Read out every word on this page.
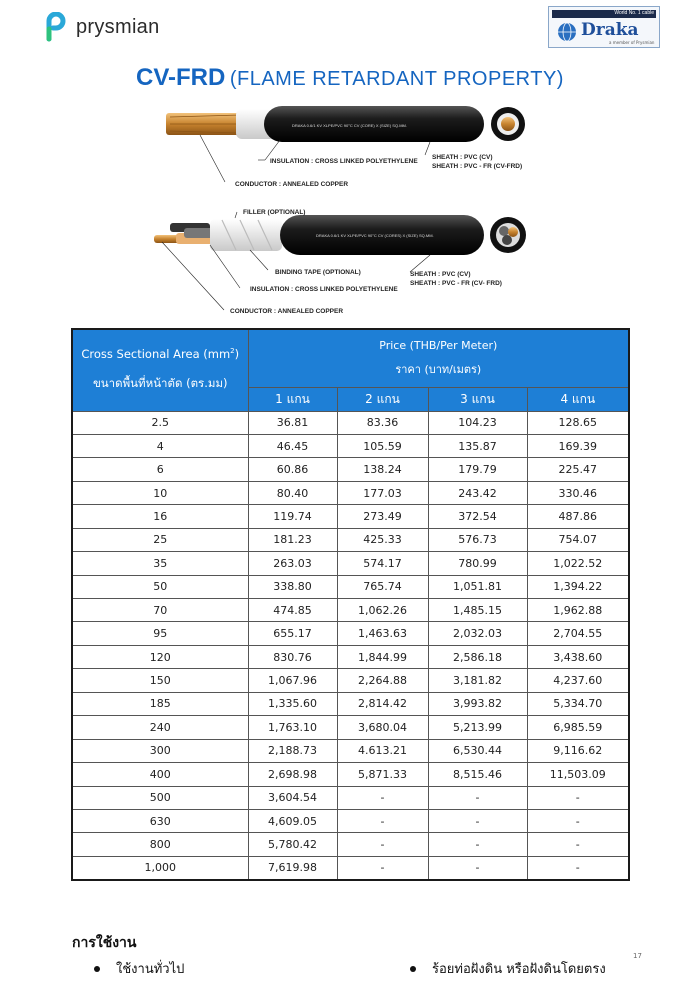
prysmian
World No. 1 cable
Draka
a member of Prysmian
CV-FRD (FLAME RETARDANT PROPERTY)
DRAKA 0.6/1 KV XLPE/PVC 90°C CV (CORE) X (SIZE) SQ.MM.
INSULATION : CROSS LINKED POLYETHYLENE
CONDUCTOR : ANNEALED COPPER
SHEATH : PVC (CV)
SHEATH : PVC - FR (CV-FRD)
DRAKA 0.6/1 KV XLPE/PVC 90°C CV (CORES) X (SIZE) SQ.MM.
FILLER (OPTIONAL)
BINDING TAPE (OPTIONAL)
INSULATION : CROSS LINKED POLYETHYLENE
CONDUCTOR : ANNEALED COPPER
SHEATH : PVC (CV)
SHEATH : PVC - FR (CV- FRD)
Cross Sectional Area $(mm^2)$
ขนาดพื้นที่หน้าตัด (ตร.มม)	Price (THB/Per Meter)
ราคา (บาท/เมตร)			
	1 แกน	2 แกน	3 แกน	4 แกน
2.5	36.81	83.36	104.23	128.65
4	46.45	105.59	135.87	169.39
6	60.86	138.24	179.79	225.47
10	80.40	177.03	243.42	330.46
16	119.74	273.49	372.54	487.86
25	181.23	425.33	576.73	754.07
35	263.03	574.17	780.99	1,022.52
50	338.80	765.74	1,051.81	1,394.22
70	474.85	1,062.26	1,485.15	1,962.88
95	655.17	1,463.63	2,032.03	2,704.55
120	830.76	1,844.99	2,586.18	3,438.60
150	1,067.96	2,264.88	3,181.82	4,237.60
185	1,335.60	2,814.42	3,993.82	5,334.70
240	1,763.10	3,680.04	5,213.99	6,985.59
300	2,188.73	4.613.21	6,530.44	9,116.62
400	2,698.98	5,871.33	8,515.46	11,503.09
500	3,604.54	-	-	-
630	4,609.05	-	-	-
800	5,780.42	-	-	-
1,000	7,619.98	-	-	-
การใช้งาน
17
ใช้งานทั่วไป	ร้อยท่อฝังดิน หรือฝังดินโดยตรง
